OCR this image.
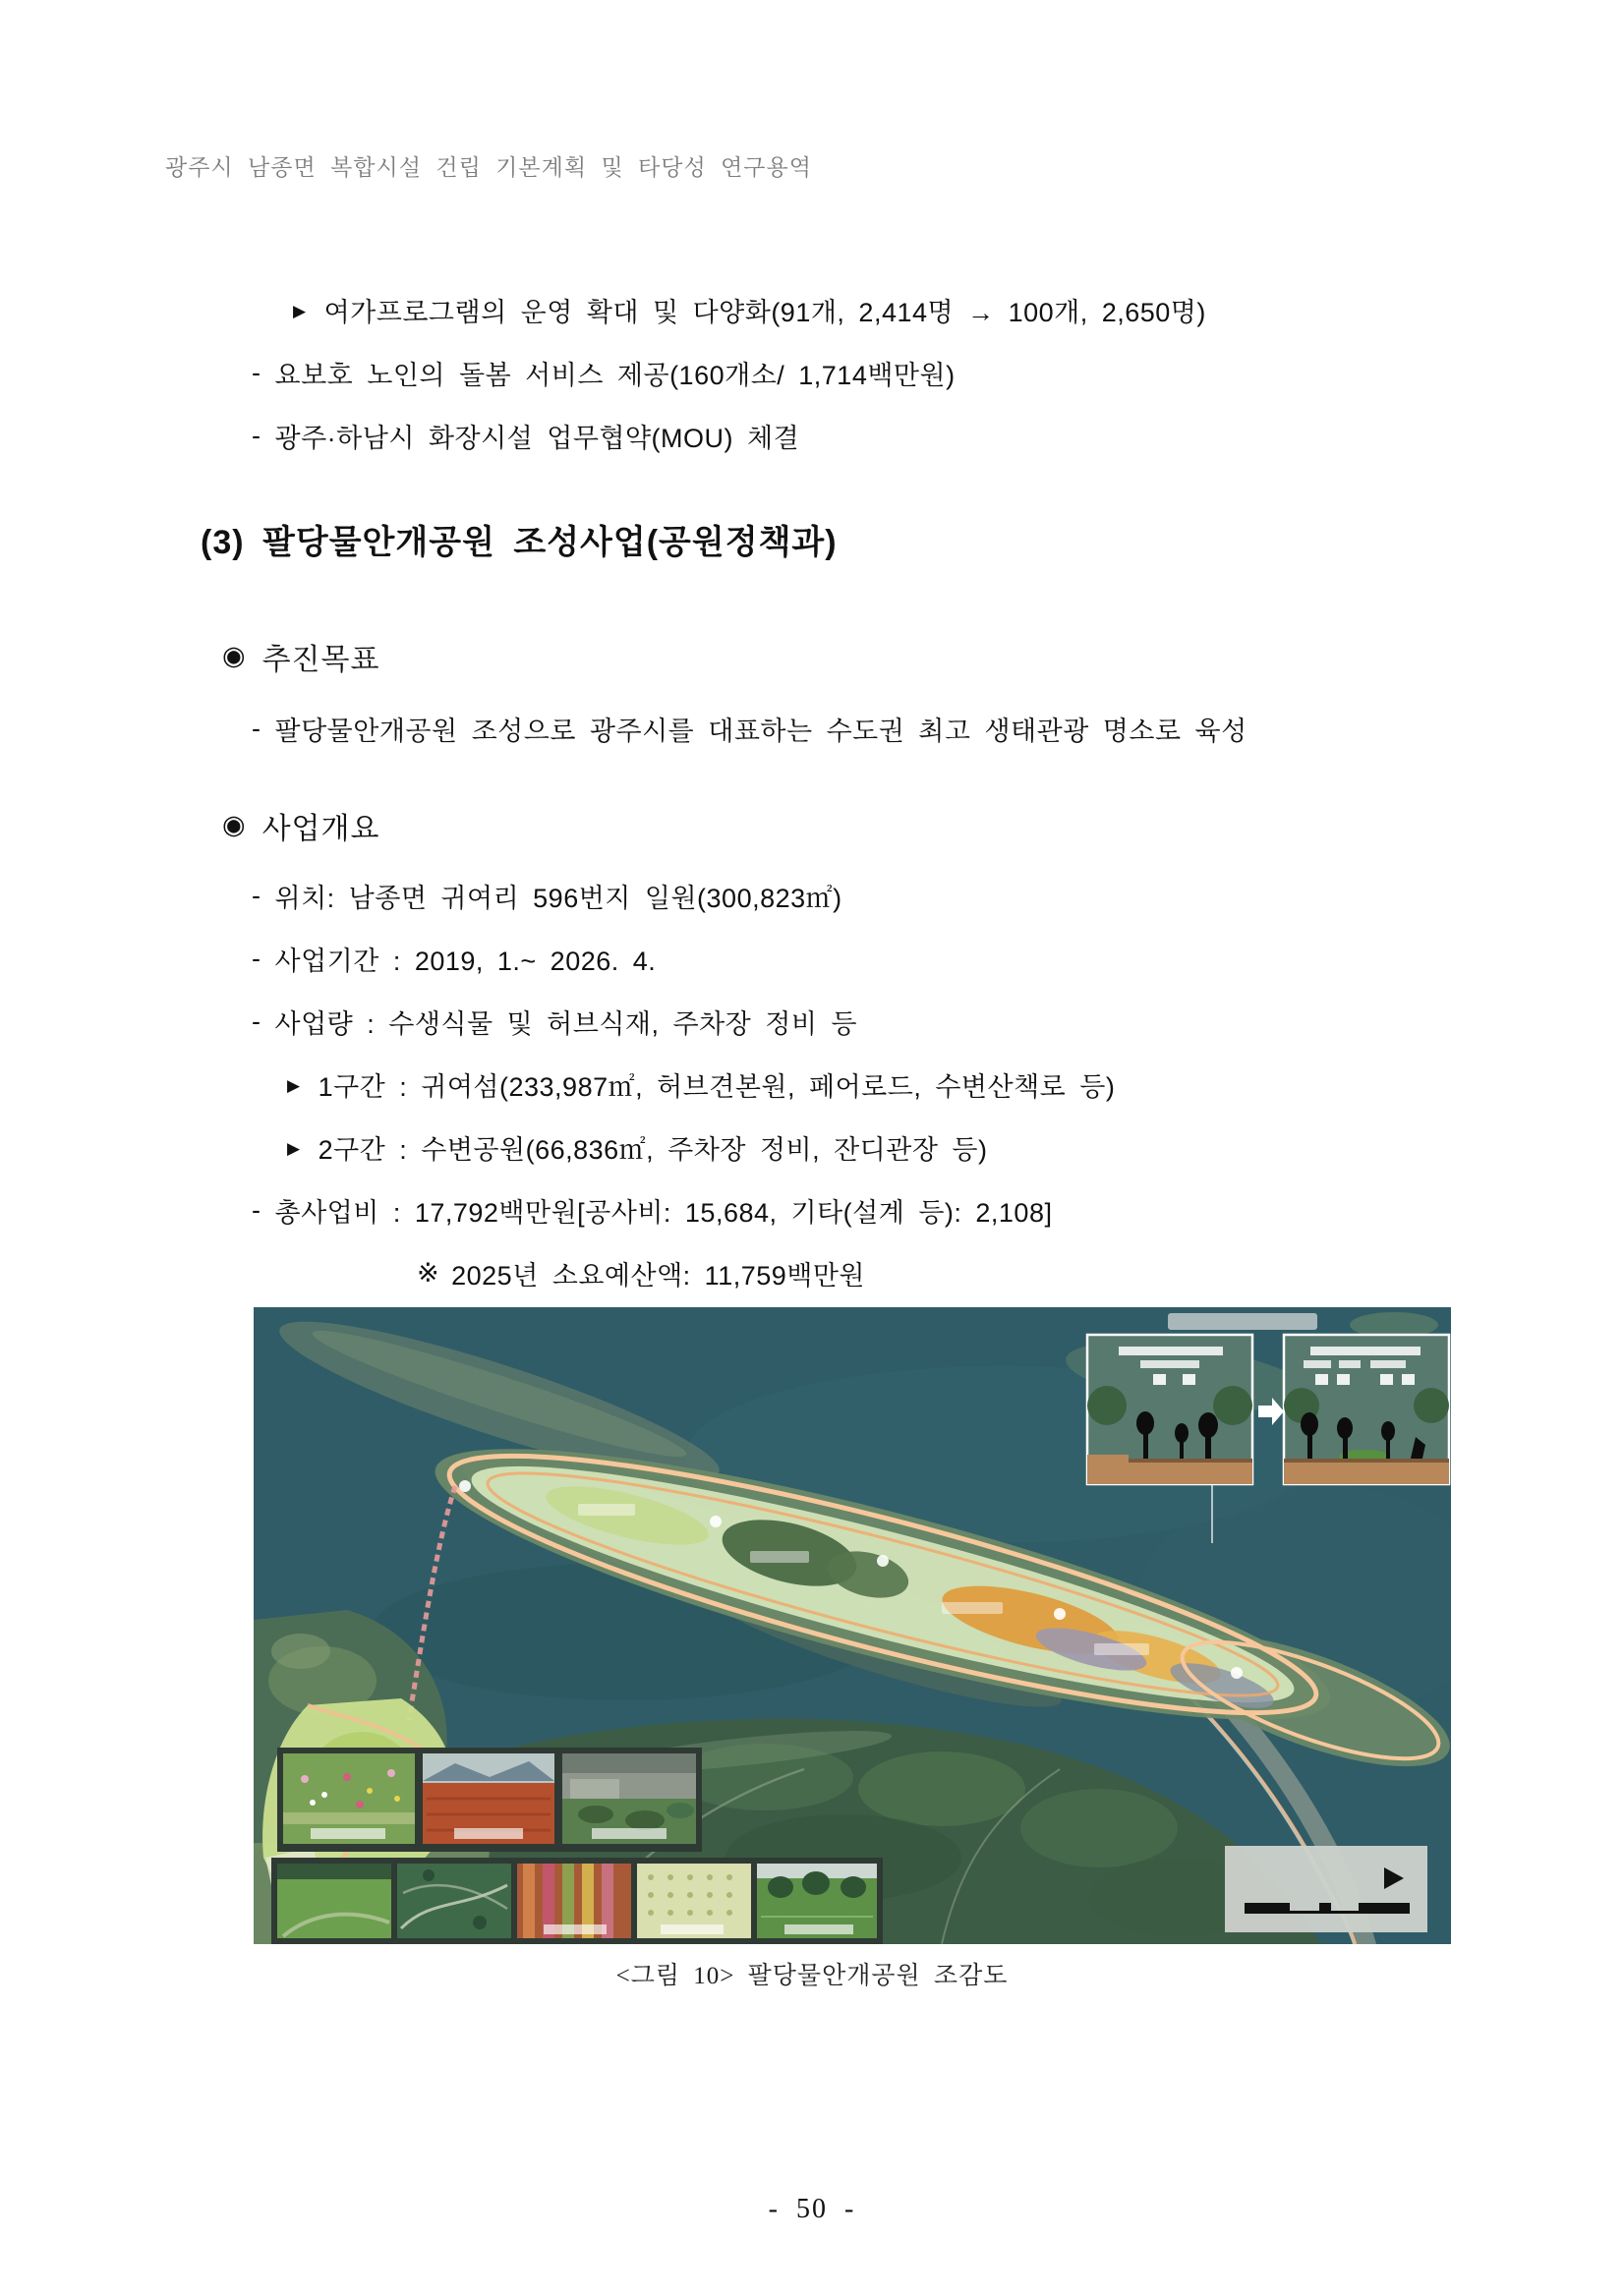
광주시 남종면 복합시설 건립 기본계획 및 타당성 연구용역
▶ 여가프로그램의 운영 확대 및 다양화(91개, 2,414명 → 100개, 2,650명)
- 요보호 노인의 돌봄 서비스 제공(160개소/ 1,714백만원)
- 광주·하남시 화장시설 업무협약(MOU) 체결
(3) 팔당물안개공원 조성사업(공원정책과)
◉ 추진목표
- 팔당물안개공원 조성으로 광주시를 대표하는 수도권 최고 생태관광 명소로 육성
◉ 사업개요
- 위치: 남종면 귀여리 596번지 일원(300,823㎡)
- 사업기간 : 2019, 1.~ 2026. 4.
- 사업량 : 수생식물 및 허브식재, 주차장 정비 등
▶ 1구간 : 귀여섬(233,987㎡, 허브견본원, 페어로드, 수변산책로 등)
▶ 2구간 : 수변공원(66,836㎡, 주차장 정비, 잔디관장 등)
- 총사업비 : 17,792백만원[공사비: 15,684, 기타(설계 등): 2,108]
※ 2025년 소요예산액: 11,759백만원
<그림 10> 팔당물안개공원 조감도
- 50 -
